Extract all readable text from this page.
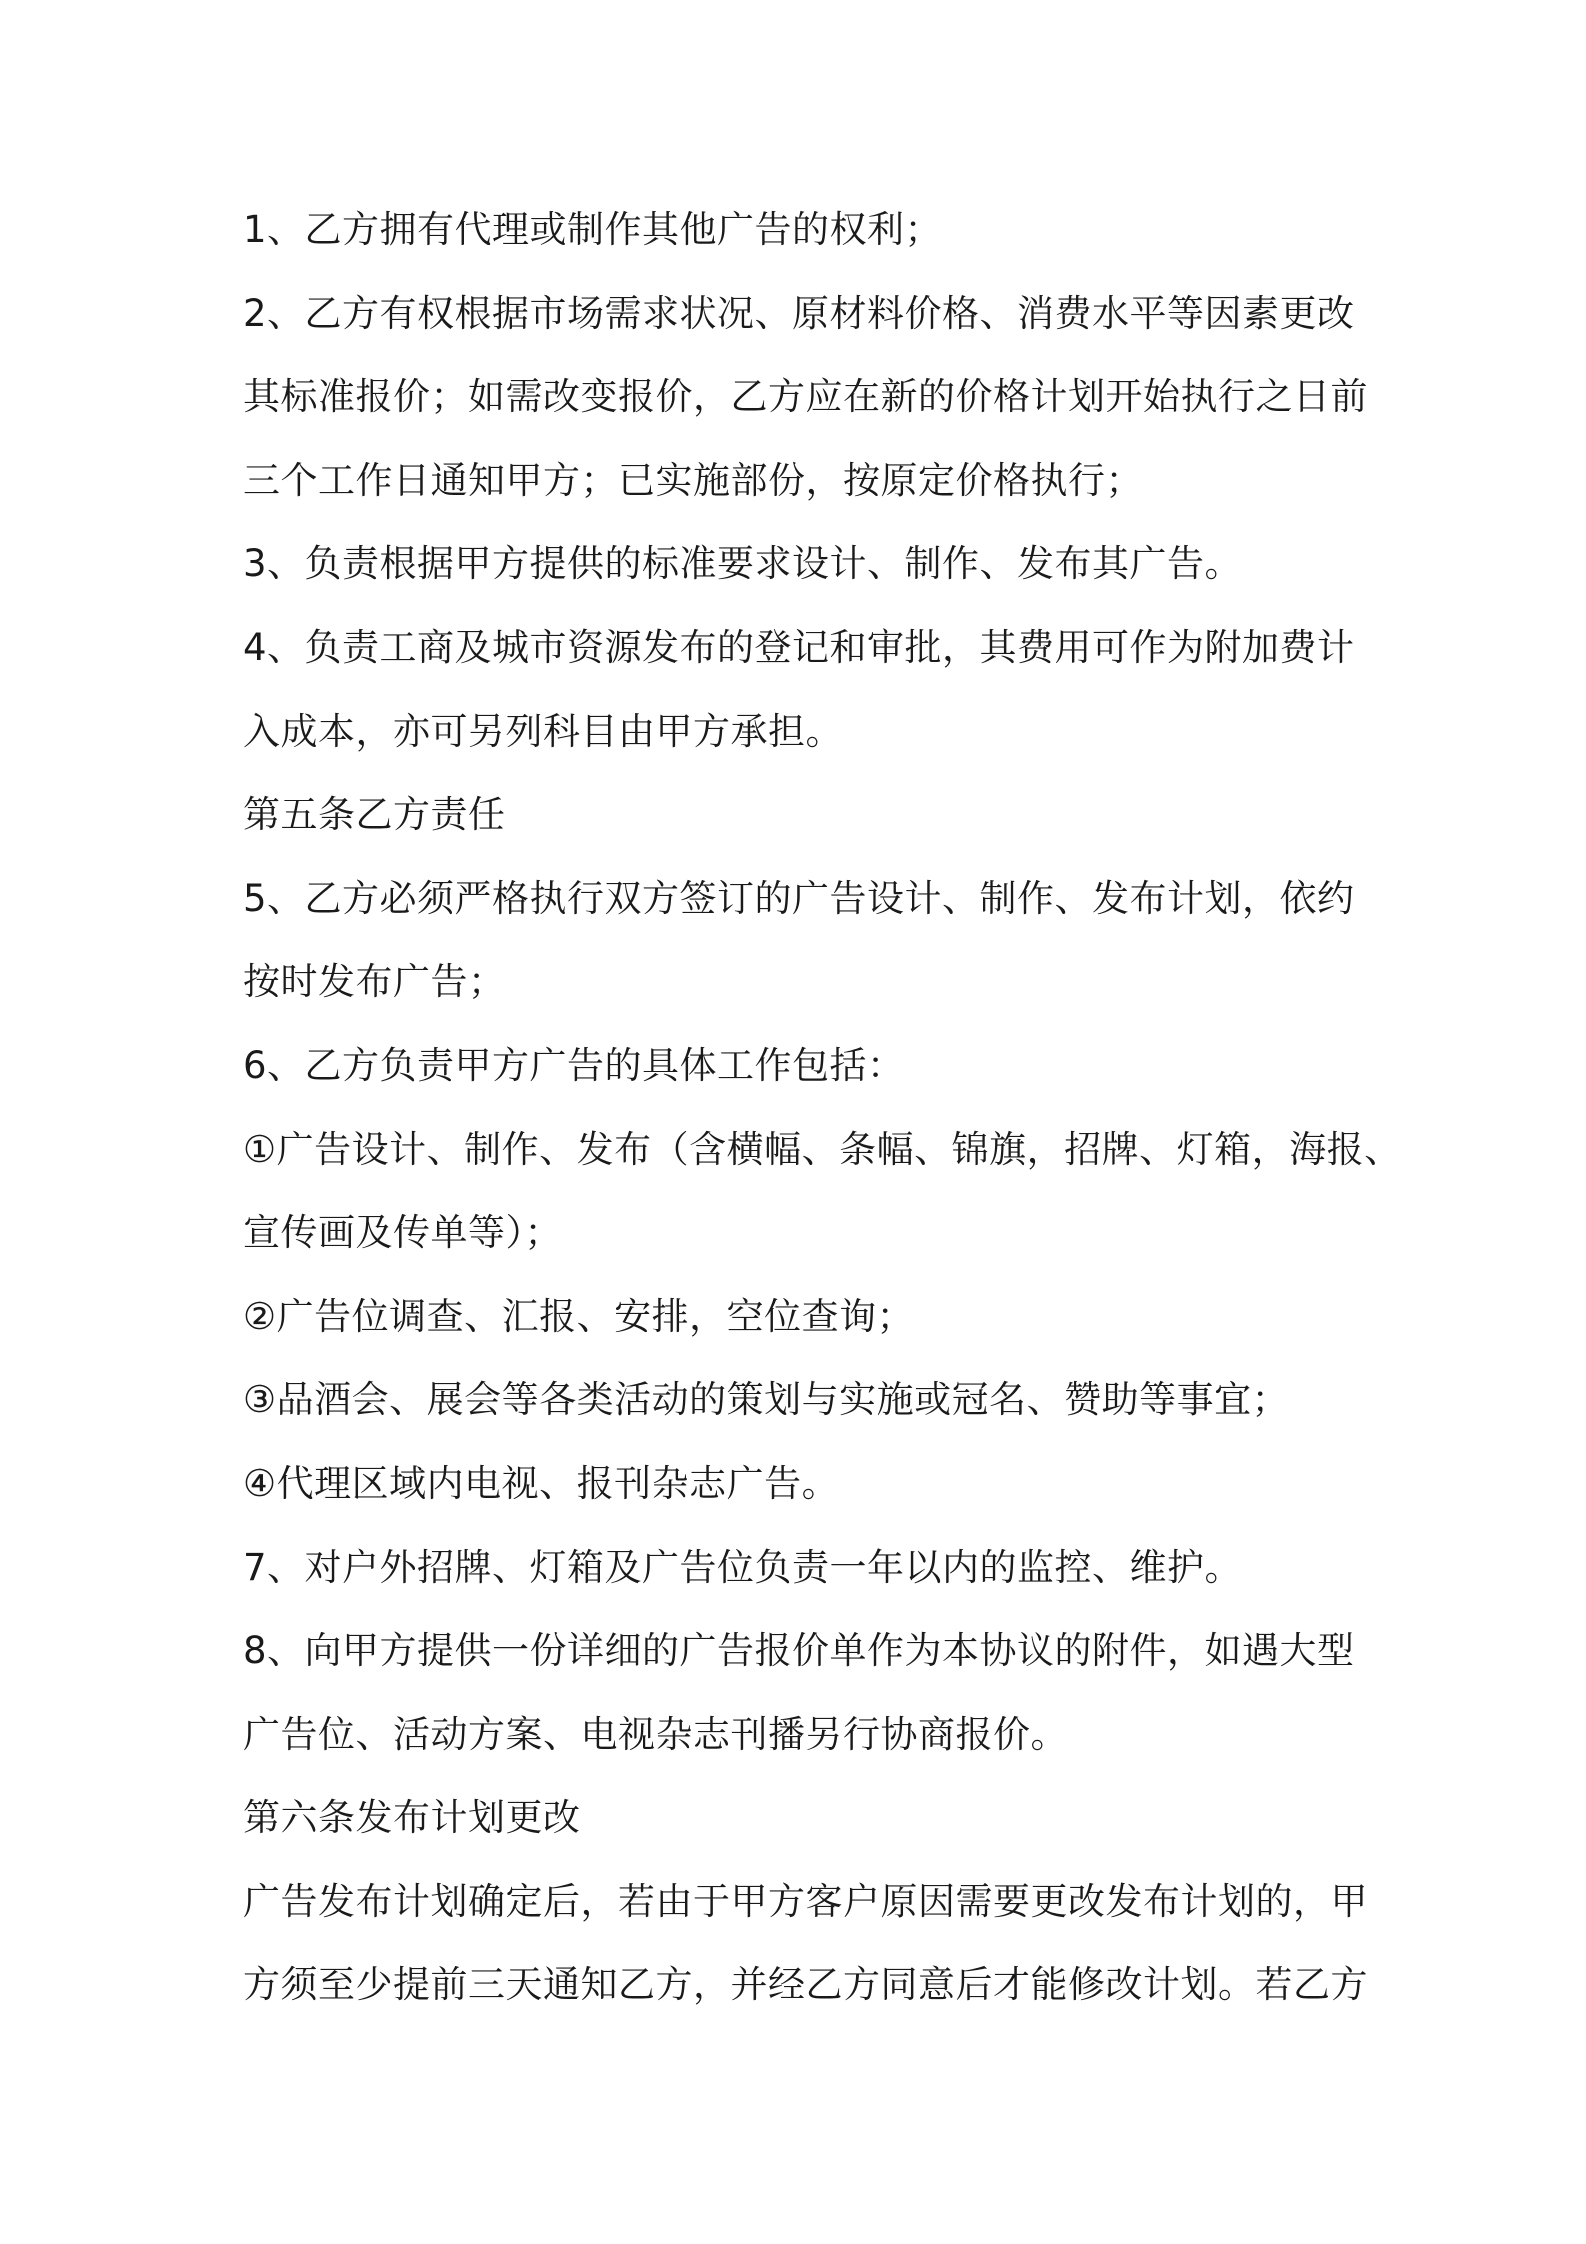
1、乙方拥有代理或制作其他广告的权利；

2、乙方有权根据市场需求状况、原材料价格、消费水平等因素更改

其标准报价；如需改变报价，乙方应在新的价格计划开始执行之日前

三个工作日通知甲方；已实施部份，按原定价格执行；

3、负责根据甲方提供的标准要求设计、制作、发布其广告。

4、负责工商及城市资源发布的登记和审批，其费用可作为附加费计

入成本，亦可另列科目由甲方承担。

第五条乙方责任

5、乙方必须严格执行双方签订的广告设计、制作、发布计划，依约

按时发布广告；

6、乙方负责甲方广告的具体工作包括：

①广告设计、制作、发布（含横幅、条幅、锦旗，招牌、灯箱，海报、

宣传画及传单等）；

②广告位调查、汇报、安排，空位查询；

③品酒会、展会等各类活动的策划与实施或冠名、赞助等事宜；

④代理区域内电视、报刊杂志广告。

7、对户外招牌、灯箱及广告位负责一年以内的监控、维护。

8、向甲方提供一份详细的广告报价单作为本协议的附件，如遇大型

广告位、活动方案、电视杂志刊播另行协商报价。

第六条发布计划更改

广告发布计划确定后，若由于甲方客户原因需要更改发布计划的，甲

方须至少提前三天通知乙方，并经乙方同意后才能修改计划。若乙方
